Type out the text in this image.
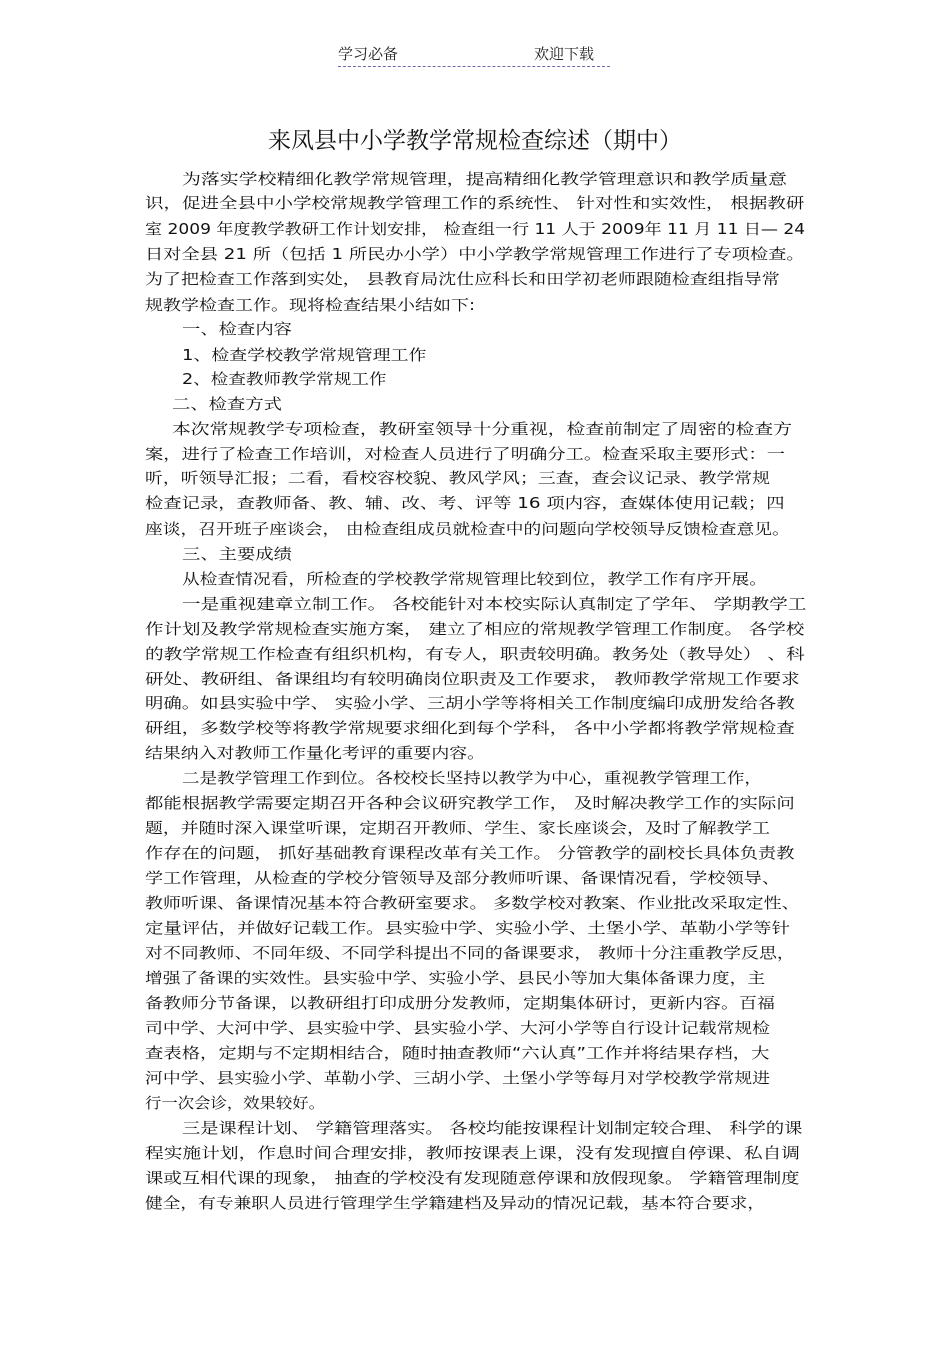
学习必备	欢迎下载
来凤县中小学教学常规检查综述（期中）
为落实学校精细化教学常规管理，提高精细化教学管理意识和教学质量意
识，促进全县中小学校常规教学管理工作的系统性、 针对性和实效性， 根据教研
室 2009 年度教学教研工作计划安排， 检查组一行 11 人于 2009年 11 月 11 日— 24
日对全县 21 所（包括 1 所民办小学）中小学教学常规管理工作进行了专项检查。
为了把检查工作落到实处， 县教育局沈仕应科长和田学初老师跟随检查组指导常
规教学检查工作。现将检查结果小结如下:
一、检查内容
1、检查学校教学常规管理工作
2、检查教师教学常规工作
二、检查方式
本次常规教学专项检查，教研室领导十分重视，检查前制定了周密的检查方
案，进行了检查工作培训，对检查人员进行了明确分工。检查采取主要形式：一
听，听领导汇报；二看，看校容校貌、教风学风；三查，查会议记录、教学常规
检查记录，查教师备、教、辅、改、考、评等 16 项内容，查媒体使用记载；四
座谈，召开班子座谈会， 由检查组成员就检查中的问题向学校领导反馈检查意见。
三、主要成绩
从检查情况看，所检查的学校教学常规管理比较到位，教学工作有序开展。
一是重视建章立制工作。 各校能针对本校实际认真制定了学年、 学期教学工
作计划及教学常规检查实施方案， 建立了相应的常规教学管理工作制度。 各学校
的教学常规工作检查有组织机构，有专人，职责较明确。教务处（教导处） 、科
研处、教研组、备课组均有较明确岗位职责及工作要求， 教师教学常规工作要求
明确。如县实验中学、 实验小学、三胡小学等将相关工作制度编印成册发给各教
研组，多数学校等将教学常规要求细化到每个学科， 各中小学都将教学常规检查
结果纳入对教师工作量化考评的重要内容。
二是教学管理工作到位。各校校长坚持以教学为中心，重视教学管理工作，
都能根据教学需要定期召开各种会议研究教学工作， 及时解决教学工作的实际问
题，并随时深入课堂听课，定期召开教师、学生、家长座谈会，及时了解教学工
作存在的问题， 抓好基础教育课程改革有关工作。 分管教学的副校长具体负责教
学工作管理，从检查的学校分管领导及部分教师听课、备课情况看，学校领导、
教师听课、备课情况基本符合教研室要求。 多数学校对教案、作业批改采取定性、
定量评估，并做好记载工作。县实验中学、实验小学、土堡小学、革勒小学等针
对不同教师、不同年级、不同学科提出不同的备课要求， 教师十分注重教学反思，
增强了备课的实效性。县实验中学、实验小学、县民小等加大集体备课力度，主
备教师分节备课，以教研组打印成册分发教师，定期集体研讨，更新内容。百福
司中学、大河中学、县实验中学、县实验小学、大河小学等自行设计记载常规检
查表格，定期与不定期相结合，随时抽查教师“六认真”工作并将结果存档，大
河中学、县实验小学、革勒小学、三胡小学、土堡小学等每月对学校教学常规进
行一次会诊，效果较好。
三是课程计划、 学籍管理落实。 各校均能按课程计划制定较合理、 科学的课
程实施计划，作息时间合理安排，教师按课表上课，没有发现擅自停课、私自调
课或互相代课的现象， 抽查的学校没有发现随意停课和放假现象。 学籍管理制度
健全，有专兼职人员进行管理学生学籍建档及异动的情况记载，基本符合要求，
